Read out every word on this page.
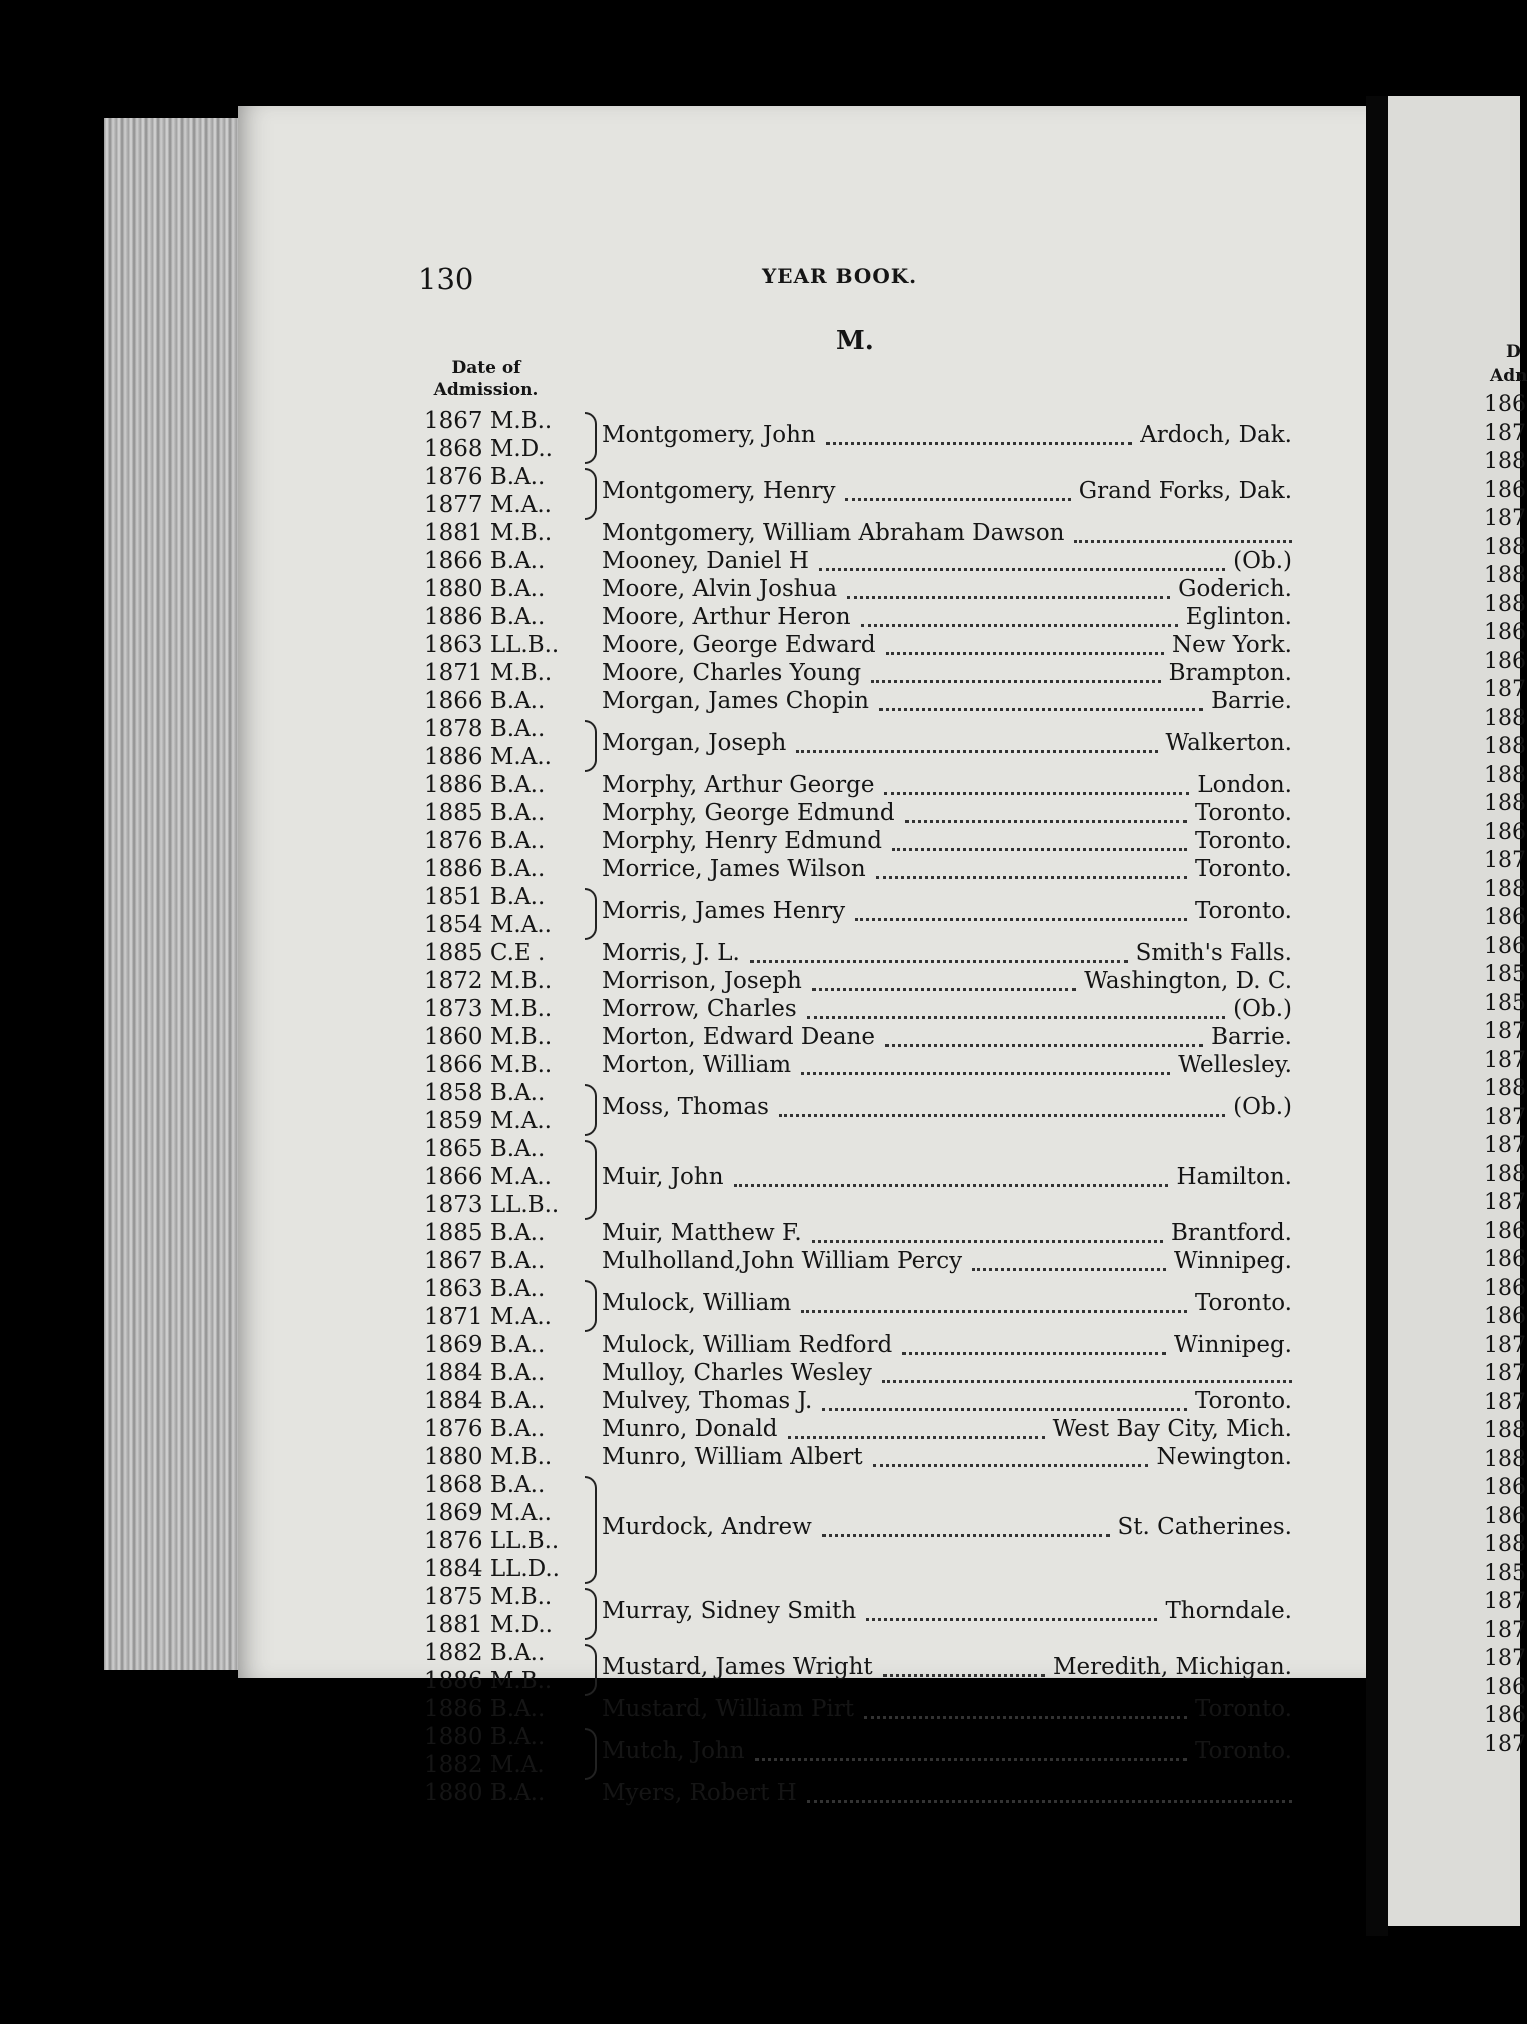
D
Adn
186
187
188
186
187
188
188
188
186
186
187
188
188
188
188
186
187
188
186
186
185
185
187
187
188
187
187
188
187
186
186
186
186
187
187
187
188
188
186
186
188
185
187
187
187
186
186
187
130	YEAR BOOK.
M.
Date of
Admission.
1867 M.B..
1868 M.D..
Montgomery, John	Ardoch, Dak.
1876 B.A..
1877 M.A..
Montgomery, Henry	Grand Forks, Dak.
1881 M.B.. Montgomery, William Abraham Dawson
1866 B.A.. Mooney, Daniel H	(Ob.)
1880 B.A.. Moore, Alvin Joshua	Goderich.
1886 B.A.. Moore, Arthur Heron	Eglinton.
1863 LL.B.. Moore, George Edward	New York.
1871 M.B.. Moore, Charles Young	Brampton.
1866 B.A.. Morgan, James Chopin	Barrie.
1878 B.A..
1886 M.A..
Morgan, Joseph	Walkerton.
1886 B.A.. Morphy, Arthur George	London.
1885 B.A.. Morphy, George Edmund	Toronto.
1876 B.A.. Morphy, Henry Edmund	Toronto.
1886 B.A.. Morrice, James Wilson	Toronto.
1851 B.A..
1854 M.A..
Morris, James Henry	Toronto.
1885 C.E . Morris, J. L.	Smith's Falls.
1872 M.B.. Morrison, Joseph	Washington, D. C.
1873 M.B.. Morrow, Charles	(Ob.)
1860 M.B.. Morton, Edward Deane	Barrie.
1866 M.B.. Morton, William	Wellesley.
1858 B.A..
1859 M.A..
Moss, Thomas	(Ob.)
1865 B.A..
1866 M.A..
1873 LL.B..
Muir, John	Hamilton.
1885 B.A.. Muir, Matthew F.	Brantford.
1867 B.A.. Mulholland,John William Percy	Winnipeg.
1863 B.A..
1871 M.A..
Mulock, William	Toronto.
1869 B.A.. Mulock, William Redford	Winnipeg.
1884 B.A.. Mulloy, Charles Wesley
1884 B.A.. Mulvey, Thomas J.	Toronto.
1876 B.A.. Munro, Donald	West Bay City, Mich.
1880 M.B.. Munro, William Albert	Newington.
1868 B.A..
1869 M.A..
1876 LL.B..
1884 LL.D..
Murdock, Andrew	St. Catherines.
1875 M.B..
1881 M.D..
Murray, Sidney Smith	Thorndale.
1882 B.A..
1886 M.B..
Mustard, James Wright	Meredith, Michigan.
1886 B.A.. Mustard, William Pirt	Toronto.
1880 B.A..
1882 M.A.
Mutch, John	Toronto.
1880 B.A.. Myers, Robert H
